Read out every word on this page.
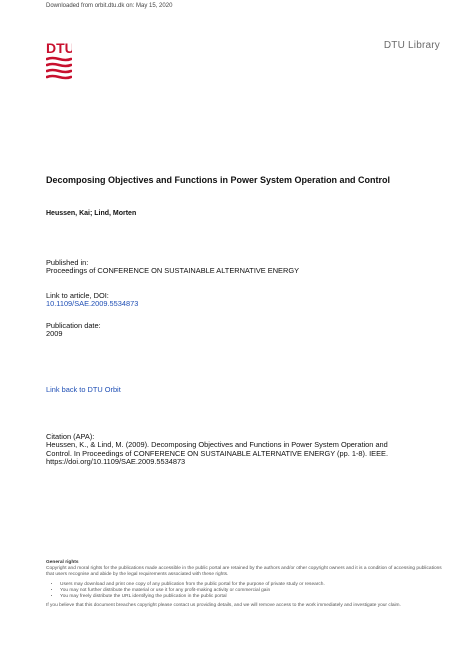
Downloaded from orbit.dtu.dk on: May 15, 2020
DTU	DTU Library
Decomposing Objectives and Functions in Power System Operation and Control
Heussen, Kai; Lind, Morten
Published in:
Proceedings of CONFERENCE ON SUSTAINABLE ALTERNATIVE ENERGY
Link to article, DOI:
10.1109/SAE.2009.5534873
Publication date:
2009
Link back to DTU Orbit
Citation (APA):
Heussen, K., & Lind, M. (2009). Decomposing Objectives and Functions in Power System Operation and
Control. In Proceedings of CONFERENCE ON SUSTAINABLE ALTERNATIVE ENERGY (pp. 1-8). IEEE.
https://doi.org/10.1109/SAE.2009.5534873
General rights
Copyright and moral rights for the publications made accessible in the public portal are retained by the authors and/or other copyright owners and it is a condition of accessing publications that users recognise and abide by the legal requirements associated with these rights.
• Users may download and print one copy of any publication from the public portal for the purpose of private study or research.
• You may not further distribute the material or use it for any profit-making activity or commercial gain
• You may freely distribute the URL identifying the publication in the public portal
If you believe that this document breaches copyright please contact us providing details, and we will remove access to the work immediately and investigate your claim.
